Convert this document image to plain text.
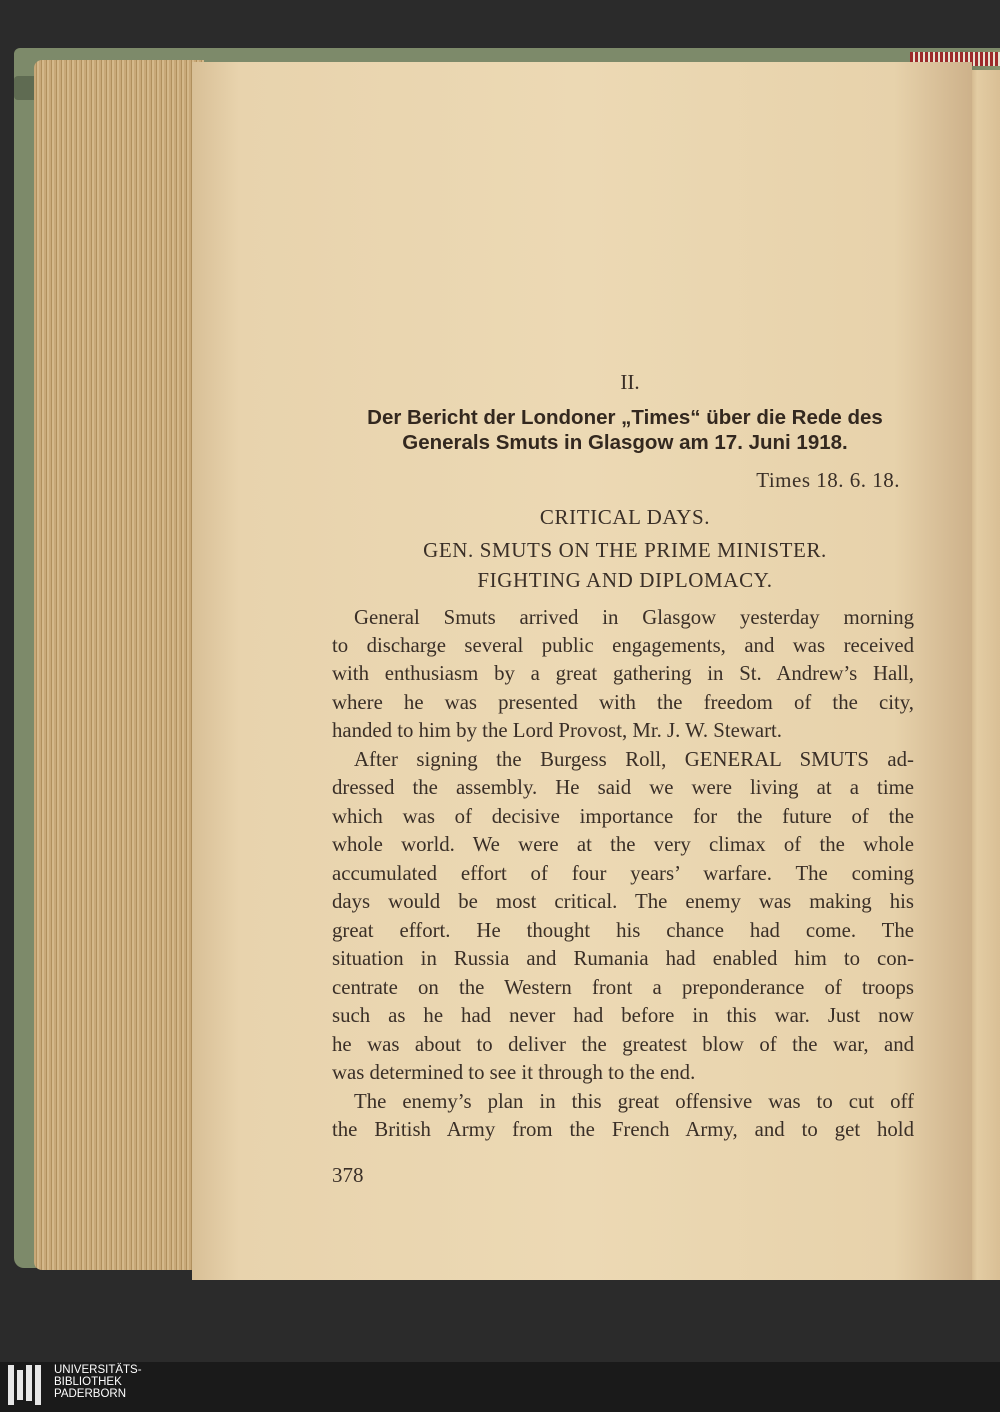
II.
Der Bericht der Londoner „Times“ über die Rede des
Generals Smuts in Glasgow am 17. Juni 1918.
Times 18. 6. 18.
CRITICAL DAYS.
GEN. SMUTS ON THE PRIME MINISTER.
FIGHTING AND DIPLOMACY.
General Smuts arrived in Glasgow yesterday morning
to discharge several public engagements, and was received
with enthusiasm by a great gathering in St. Andrew’s Hall,
where he was presented with the freedom of the city,
handed to him by the Lord Provost, Mr. J. W. Stewart.
After signing the Burgess Roll, GENERAL SMUTS ad-
dressed the assembly. He said we were living at a time
which was of decisive importance for the future of the
whole world. We were at the very climax of the whole
accumulated effort of four years’ warfare. The coming
days would be most critical. The enemy was making his
great effort. He thought his chance had come. The
situation in Russia and Rumania had enabled him to con-
centrate on the Western front a preponderance of troops
such as he had never had before in this war. Just now
he was about to deliver the greatest blow of the war, and
was determined to see it through to the end.
The enemy’s plan in this great offensive was to cut off
the British Army from the French Army, and to get hold
378
UNIVERSITÄTS-
BIBLIOTHEK
PADERBORN
